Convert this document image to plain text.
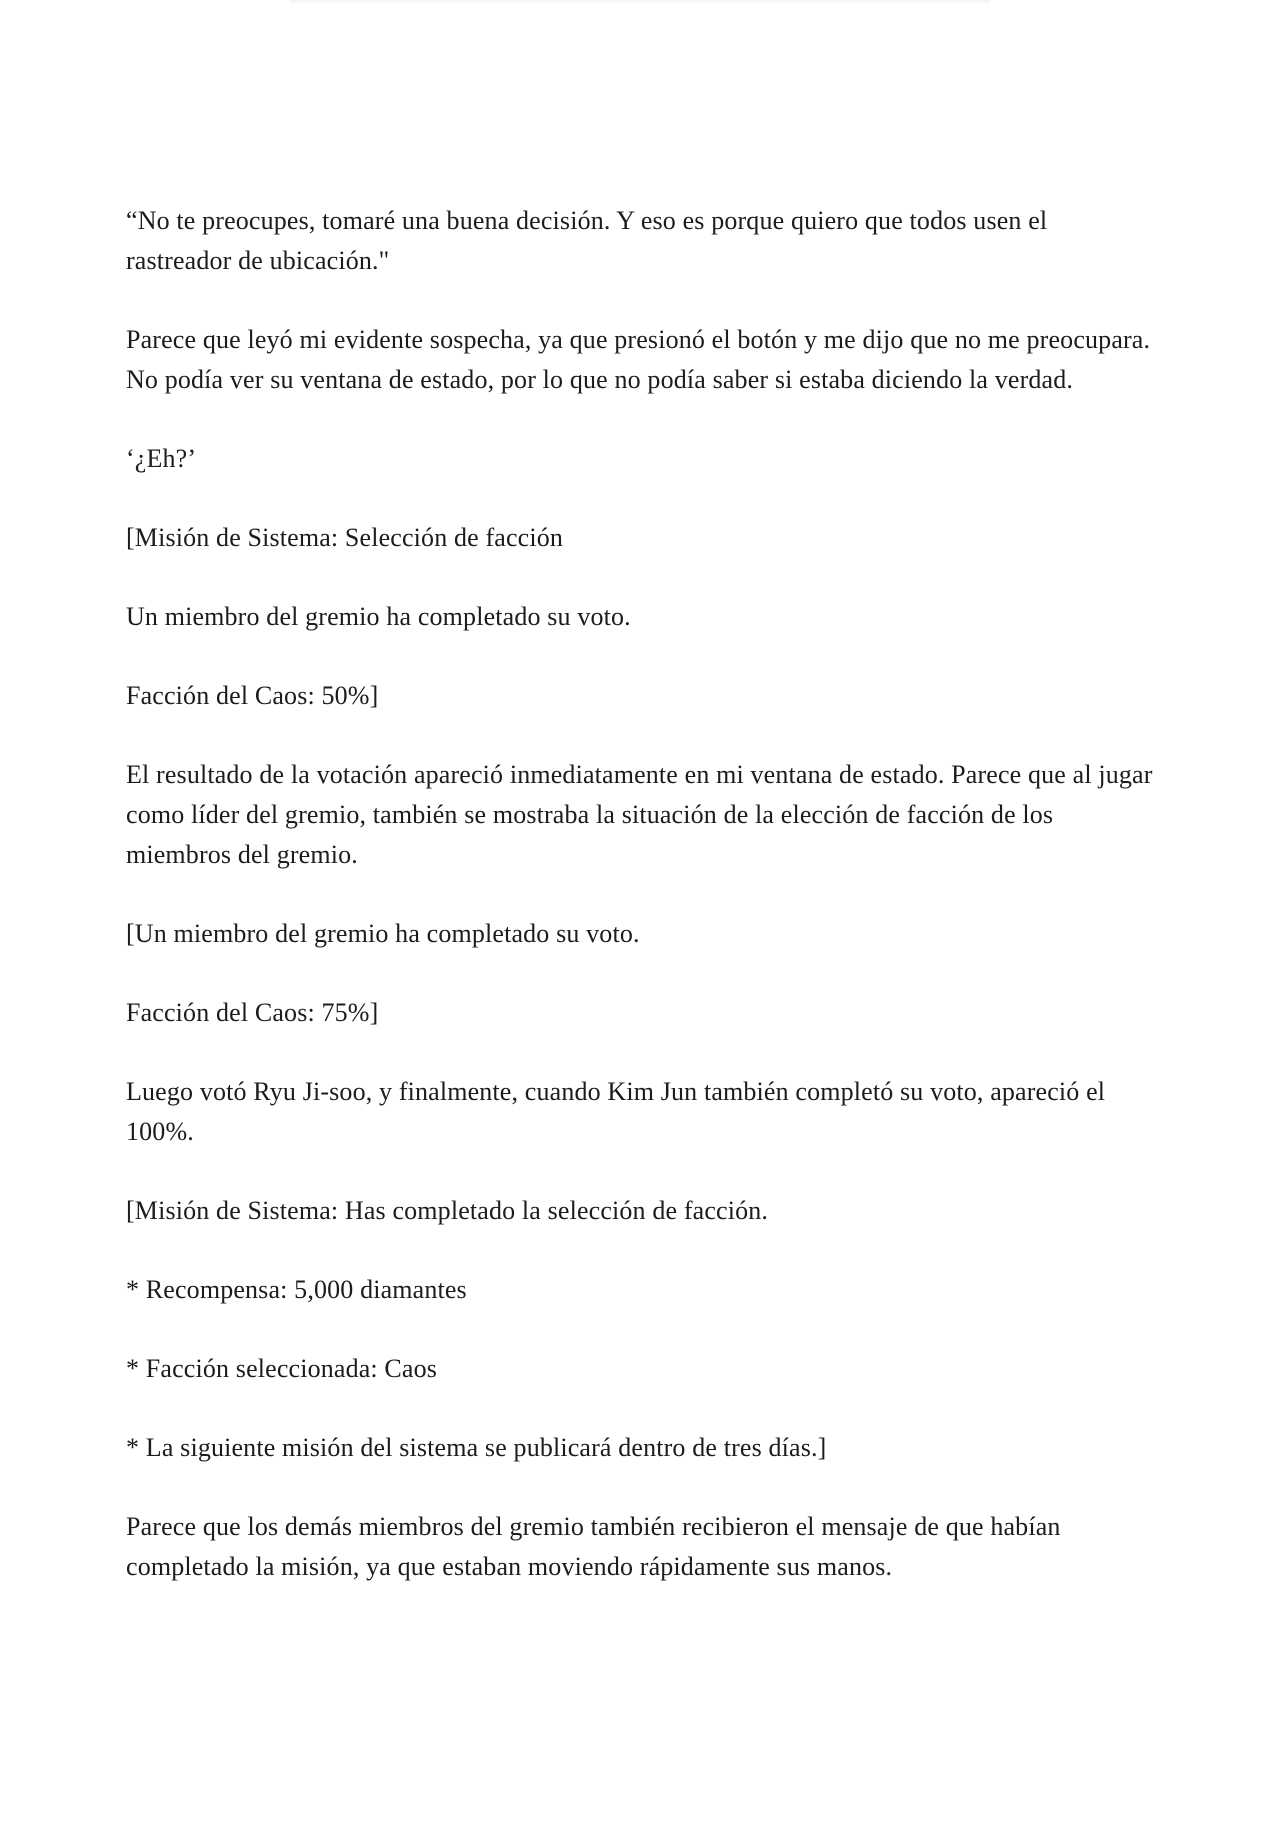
“No te preocupes, tomaré una buena decisión. Y eso es porque quiero que todos usen el rastreador de ubicación."

Parece que leyó mi evidente sospecha, ya que presionó el botón y me dijo que no me preocupara. No podía ver su ventana de estado, por lo que no podía saber si estaba diciendo la verdad.

‘¿Eh?’

[Misión de Sistema: Selección de facción

Un miembro del gremio ha completado su voto.

Facción del Caos: 50%]

El resultado de la votación apareció inmediatamente en mi ventana de estado. Parece que al jugar como líder del gremio, también se mostraba la situación de la elección de facción de los miembros del gremio.

[Un miembro del gremio ha completado su voto.

Facción del Caos: 75%]

Luego votó Ryu Ji-soo, y finalmente, cuando Kim Jun también completó su voto, apareció el 100%.

[Misión de Sistema: Has completado la selección de facción.

* Recompensa: 5,000 diamantes

* Facción seleccionada: Caos

* La siguiente misión del sistema se publicará dentro de tres días.]

Parece que los demás miembros del gremio también recibieron el mensaje de que habían completado la misión, ya que estaban moviendo rápidamente sus manos.
